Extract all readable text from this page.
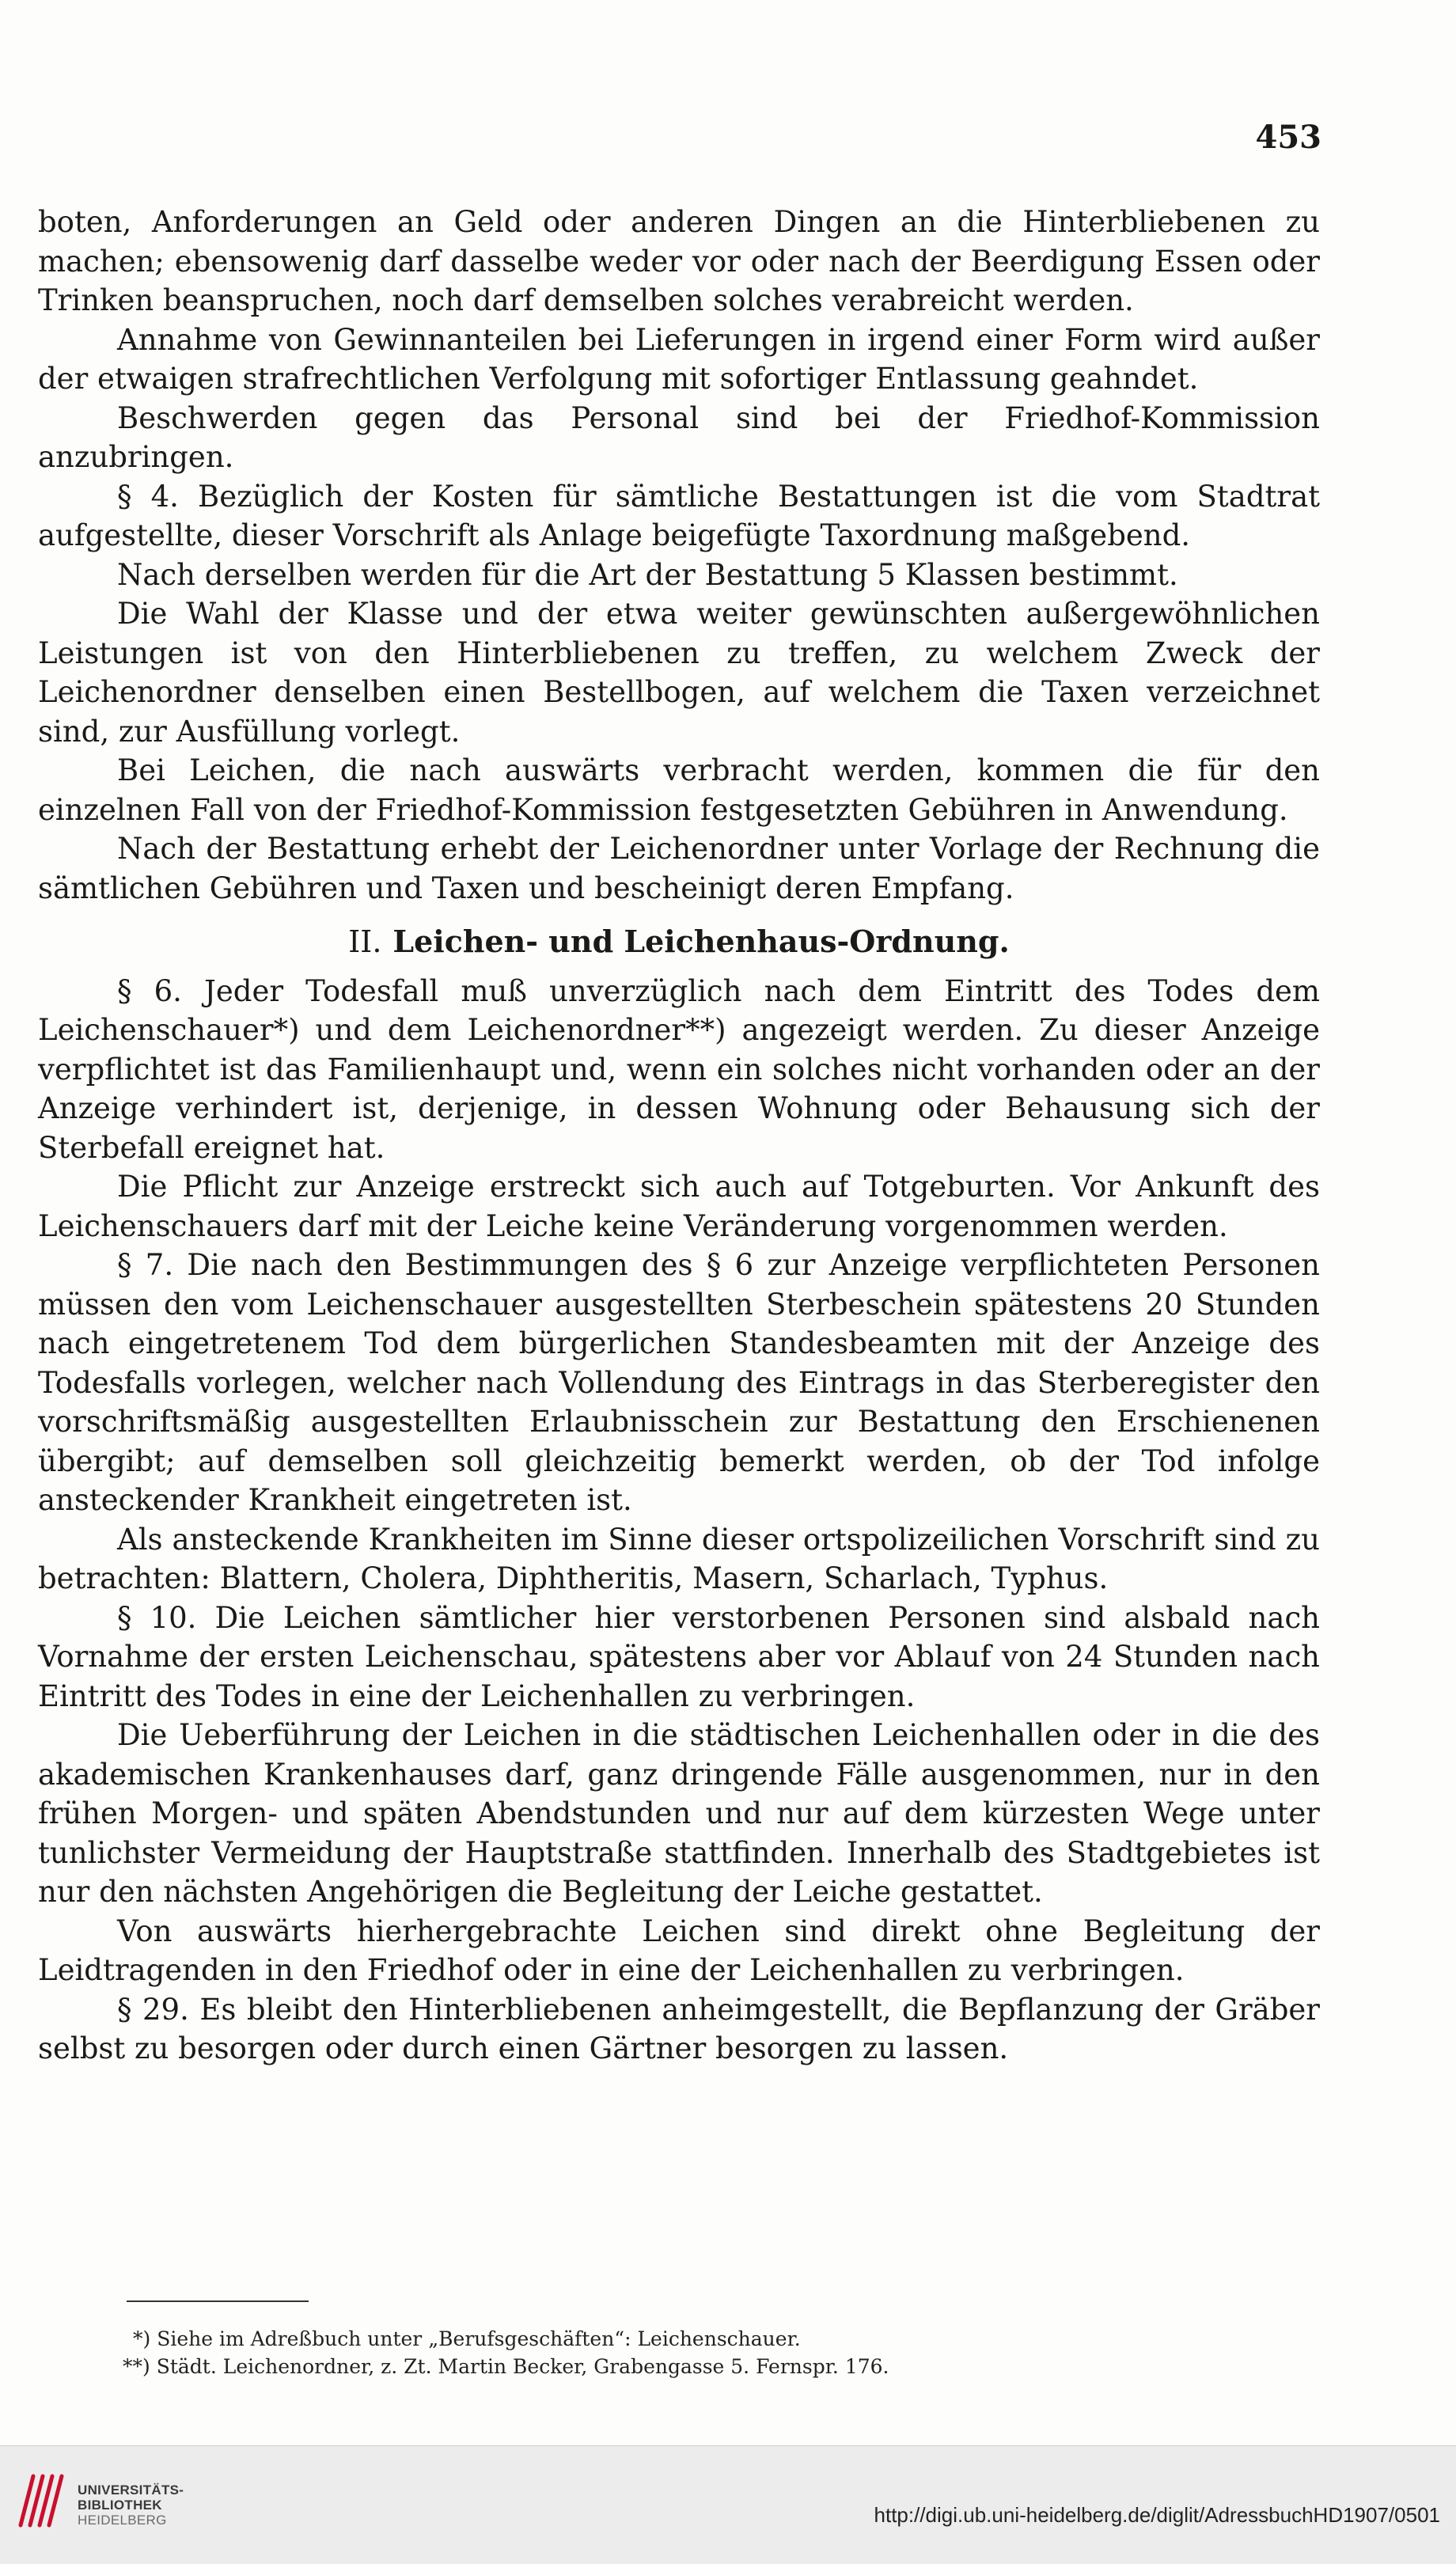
453

boten, Anforderungen an Geld oder anderen Dingen an die Hinterbliebenen zu machen; ebensowenig darf dasselbe weder vor oder nach der Beerdigung Essen oder Trinken beanspruchen, noch darf demselben solches verabreicht werden.

Annahme von Gewinnanteilen bei Lieferungen in irgend einer Form wird außer der etwaigen strafrechtlichen Verfolgung mit sofortiger Entlassung geahndet.

Beschwerden gegen das Personal sind bei der Friedhof-Kommission anzubringen.

§ 4. Bezüglich der Kosten für sämtliche Bestattungen ist die vom Stadtrat aufgestellte, dieser Vorschrift als Anlage beigefügte Taxordnung maßgebend.

Nach derselben werden für die Art der Bestattung 5 Klassen bestimmt.

Die Wahl der Klasse und der etwa weiter gewünschten außergewöhnlichen Leistungen ist von den Hinterbliebenen zu treffen, zu welchem Zweck der Leichenordner denselben einen Bestellbogen, auf welchem die Taxen verzeichnet sind, zur Ausfüllung vorlegt.

Bei Leichen, die nach auswärts verbracht werden, kommen die für den einzelnen Fall von der Friedhof-Kommission festgesetzten Gebühren in Anwendung.

Nach der Bestattung erhebt der Leichenordner unter Vorlage der Rechnung die sämtlichen Gebühren und Taxen und bescheinigt deren Empfang.

II. Leichen- und Leichenhaus-Ordnung.

§ 6. Jeder Todesfall muß unverzüglich nach dem Eintritt des Todes dem Leichenschauer*) und dem Leichenordner**) angezeigt werden. Zu dieser Anzeige verpflichtet ist das Familienhaupt und, wenn ein solches nicht vorhanden oder an der Anzeige verhindert ist, derjenige, in dessen Wohnung oder Behausung sich der Sterbefall ereignet hat.

Die Pflicht zur Anzeige erstreckt sich auch auf Totgeburten. Vor Ankunft des Leichenschauers darf mit der Leiche keine Veränderung vorgenommen werden.

§ 7. Die nach den Bestimmungen des § 6 zur Anzeige verpflichteten Personen müssen den vom Leichenschauer ausgestellten Sterbeschein spätestens 20 Stunden nach eingetretenem Tod dem bürgerlichen Standesbeamten mit der Anzeige des Todesfalls vorlegen, welcher nach Vollendung des Eintrags in das Sterberegister den vorschriftsmäßig ausgestellten Erlaubnisschein zur Bestattung den Erschienenen übergibt; auf demselben soll gleichzeitig bemerkt werden, ob der Tod infolge ansteckender Krankheit eingetreten ist.

Als ansteckende Krankheiten im Sinne dieser ortspolizeilichen Vorschrift sind zu betrachten: Blattern, Cholera, Diphtheritis, Masern, Scharlach, Typhus.

§ 10. Die Leichen sämtlicher hier verstorbenen Personen sind alsbald nach Vornahme der ersten Leichenschau, spätestens aber vor Ablauf von 24 Stunden nach Eintritt des Todes in eine der Leichenhallen zu verbringen.

Die Ueberführung der Leichen in die städtischen Leichenhallen oder in die des akademischen Krankenhauses darf, ganz dringende Fälle ausgenommen, nur in den frühen Morgen- und späten Abendstunden und nur auf dem kürzesten Wege unter tunlichster Vermeidung der Hauptstraße stattfinden. Innerhalb des Stadtgebietes ist nur den nächsten Angehörigen die Begleitung der Leiche gestattet.

Von auswärts hierhergebrachte Leichen sind direkt ohne Begleitung der Leidtragenden in den Friedhof oder in eine der Leichenhallen zu verbringen.

§ 29. Es bleibt den Hinterbliebenen anheimgestellt, die Bepflanzung der Gräber selbst zu besorgen oder durch einen Gärtner besorgen zu lassen.

*) Siehe im Adreßbuch unter „Berufsgeschäften“: Leichenschauer.
**) Städt. Leichenordner, z. Zt. Martin Becker, Grabengasse 5. Fernspr. 176.
UNIVERSITÄTS-
BIBLIOTHEK
HEIDELBERG	http://digi.ub.uni-heidelberg.de/diglit/AdressbuchHD1907/0501
